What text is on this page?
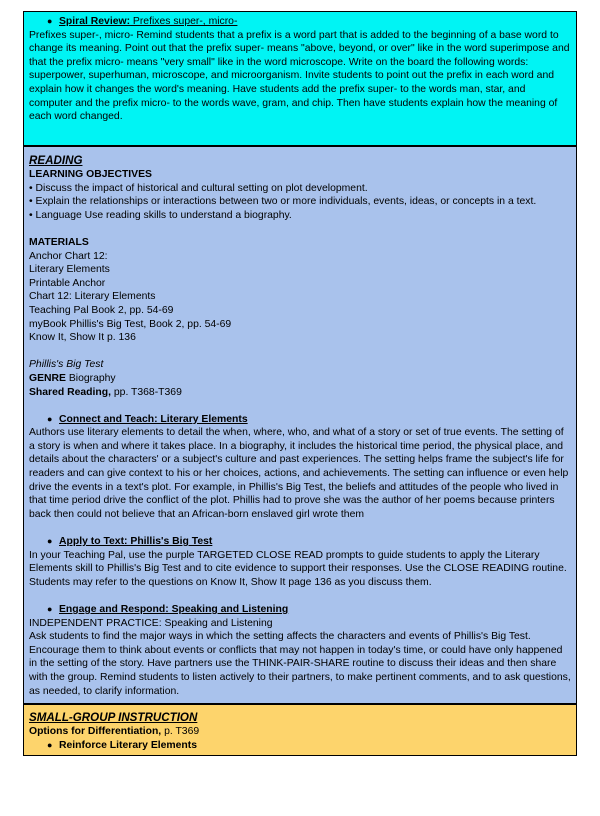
● Spiral Review: Prefixes super-, micro-

Prefixes super-, micro- Remind students that a prefix is a word part that is added to the beginning of a base word to change its meaning. Point out that the prefix super- means "above, beyond, or over" like in the word superimpose and that the prefix micro- means "very small" like in the word microscope. Write on the board the following words: superpower, superhuman, microscope, and microorganism. Invite students to point out the prefix in each word and explain how it changes the word's meaning. Have students add the prefix super- to the words man, star, and computer and the prefix micro- to the words wave, gram, and chip. Then have students explain how the meaning of each word changed.

READING

LEARNING OBJECTIVES

• Discuss the impact of historical and cultural setting on plot development.

• Explain the relationships or interactions between two or more individuals, events, ideas, or concepts in a text.

• Language Use reading skills to understand a biography.

MATERIALS

Anchor Chart 12:

Literary Elements

Printable Anchor

Chart 12: Literary Elements

Teaching Pal Book 2, pp. 54-69

myBook Phillis's Big Test, Book 2, pp. 54-69

Know It, Show It p. 136

Phillis's Big Test

GENRE Biography

Shared Reading, pp. T368-T369

● Connect and Teach: Literary Elements

Authors use literary elements to detail the when, where, who, and what of a story or set of true events. The setting of a story is when and where it takes place. In a biography, it includes the historical time period, the physical place, and details about the characters' or a subject's culture and past experiences. The setting helps frame the subject's life for readers and can give context to his or her choices, actions, and achievements. The setting can influence or even help drive the events in a text's plot. For example, in Phillis's Big Test, the beliefs and attitudes of the people who lived in that time period drive the conflict of the plot. Phillis had to prove she was the author of her poems because printers back then could not believe that an African-born enslaved girl wrote them

● Apply to Text: Phillis's Big Test

In your Teaching Pal, use the purple TARGETED CLOSE READ prompts to guide students to apply the Literary Elements skill to Phillis's Big Test and to cite evidence to support their responses. Use the CLOSE READING routine. Students may refer to the questions on Know It, Show It page 136 as you discuss them.

● Engage and Respond: Speaking and Listening

INDEPENDENT PRACTICE: Speaking and Listening

Ask students to find the major ways in which the setting affects the characters and events of Phillis's Big Test. Encourage them to think about events or conflicts that may not happen in today's time, or could have only happened in the setting of the story. Have partners use the THINK-PAIR-SHARE routine to discuss their ideas and then share with the group. Remind students to listen actively to their partners, to make pertinent comments, and to ask questions, as needed, to clarify information.

SMALL-GROUP INSTRUCTION

Options for Differentiation, p. T369

● Reinforce Literary Elements
